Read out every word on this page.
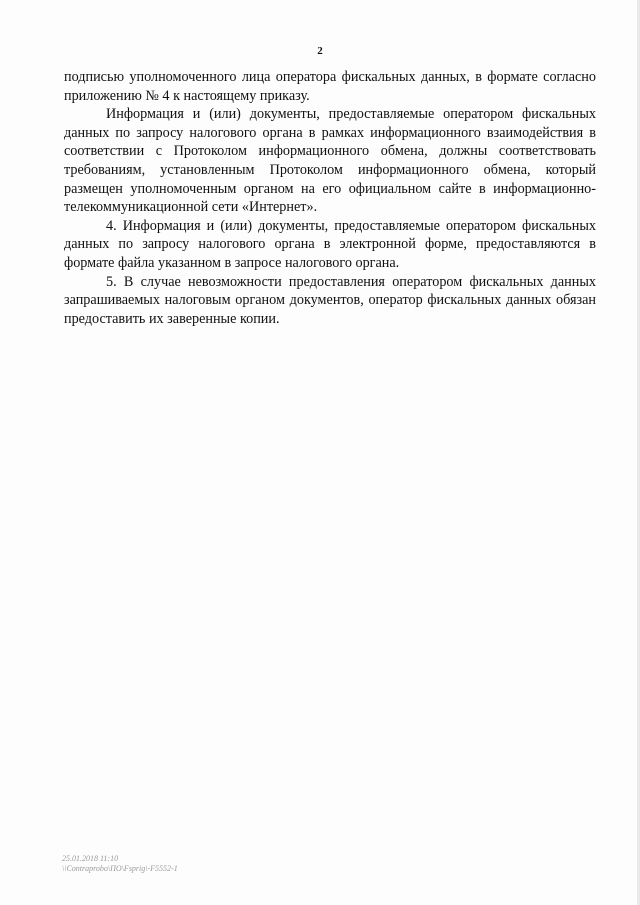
2

подписью уполномоченного лица оператора фискальных данных, в формате согласно приложению № 4 к настоящему приказу.

Информация и (или) документы, предоставляемые оператором фискальных данных по запросу налогового органа в рамках информационного взаимодействия в соответствии с Протоколом информационного обмена, должны соответствовать требованиям, установленным Протоколом информационного обмена, который размещен уполномоченным органом на его официальном сайте в информационно-телекоммуникационной сети «Интернет».

4. Информация и (или) документы, предоставляемые оператором фискальных данных по запросу налогового органа в электронной форме, предоставляются в формате файла указанном в запросе налогового органа.

5. В случае невозможности предоставления оператором фискальных данных запрашиваемых налоговым органом документов, оператор фискальных данных обязан предоставить их заверенные копии.

25.01.2018 11:10
\\Contraprobo\ПО\Fsprig\-F5552-1
